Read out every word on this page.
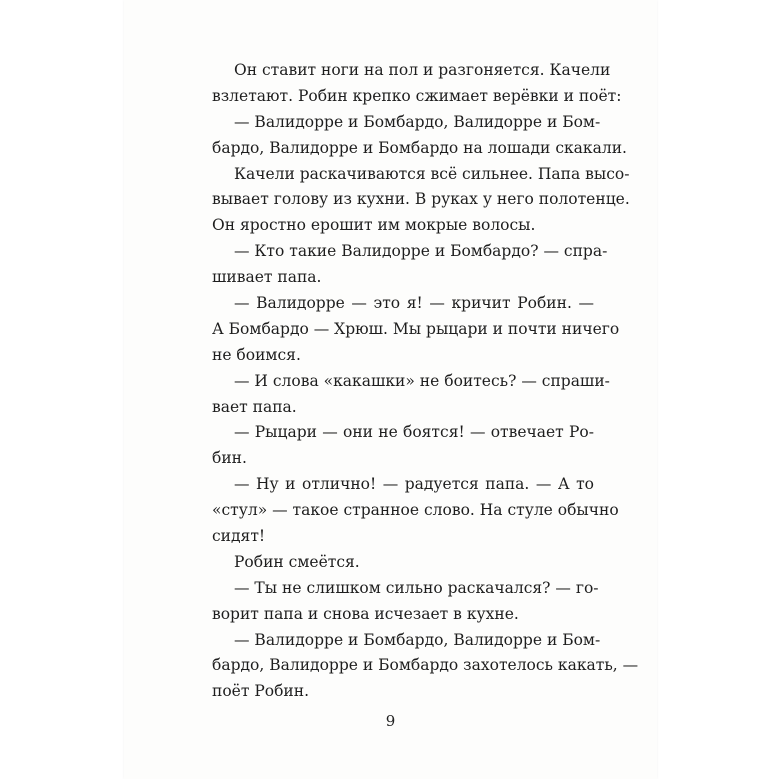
Он ставит ноги на пол и разгоняется. Качели
взлетают. Робин крепко сжимает верёвки и поёт:
— Валидорре и Бомбардо, Валидорре и Бом-
бардо, Валидорре и Бомбардо на лошади скакали.
Качели раскачиваются всё сильнее. Папа высо-
вывает голову из кухни. В руках у него полотенце.
Он яростно ерошит им мокрые волосы.
— Кто такие Валидорре и Бомбардо? — спра-
шивает папа.
— Валидорре — это я! — кричит Робин. —
А Бомбардо — Хрюш. Мы рыцари и почти ничего
не боимся.
— И слова «какашки» не боитесь? — спраши-
вает папа.
— Рыцари — они не боятся! — отвечает Ро-
бин.
— Ну и отлично! — радуется папа. — А то
«стул» — такое странное слово. На стуле обычно
сидят!
Робин смеётся.
— Ты не слишком сильно раскачался? — го-
ворит папа и снова исчезает в кухне.
— Валидорре и Бомбардо, Валидорре и Бом-
бардо, Валидорре и Бомбардо захотелось какать, —
поёт Робин.
9
